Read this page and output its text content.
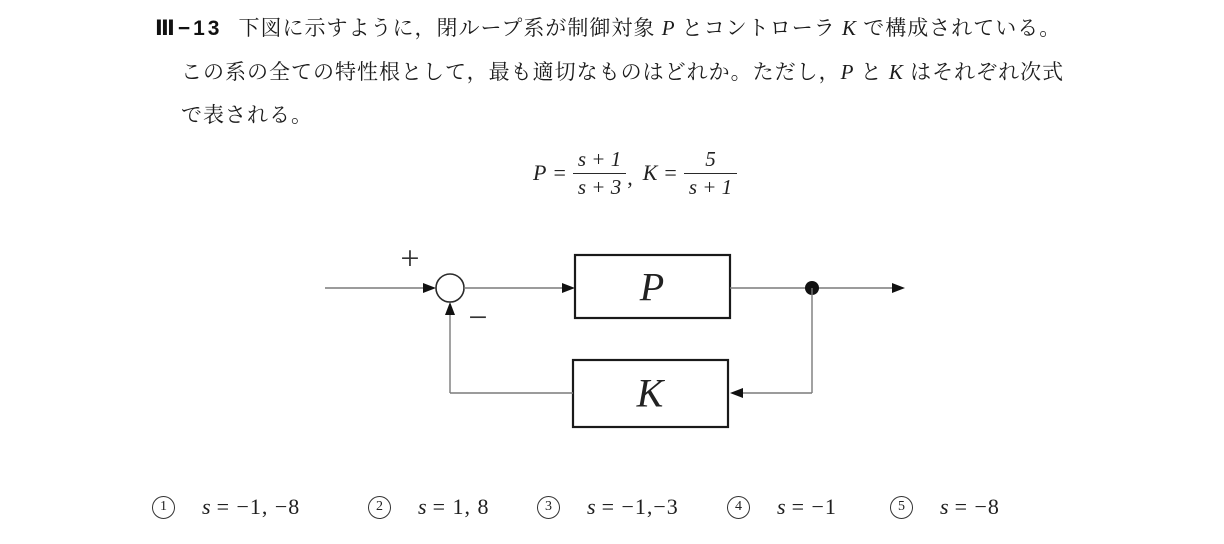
Ⅲ−13 下図に示すように，閉ループ系が制御対象 P とコントローラ K で構成されている。
この系の全ての特性根として，最も適切なものはどれか。ただし，P と K はそれぞれ次式
で表される。
$P = \frac{s + 1}{s + 3}$ , $K = \frac{5}{s + 1}$
+
−
P
K
1	s = −1, −8	2	s = 1, 8	3	s = −1,−3	4	s = −1	5	s = −8
